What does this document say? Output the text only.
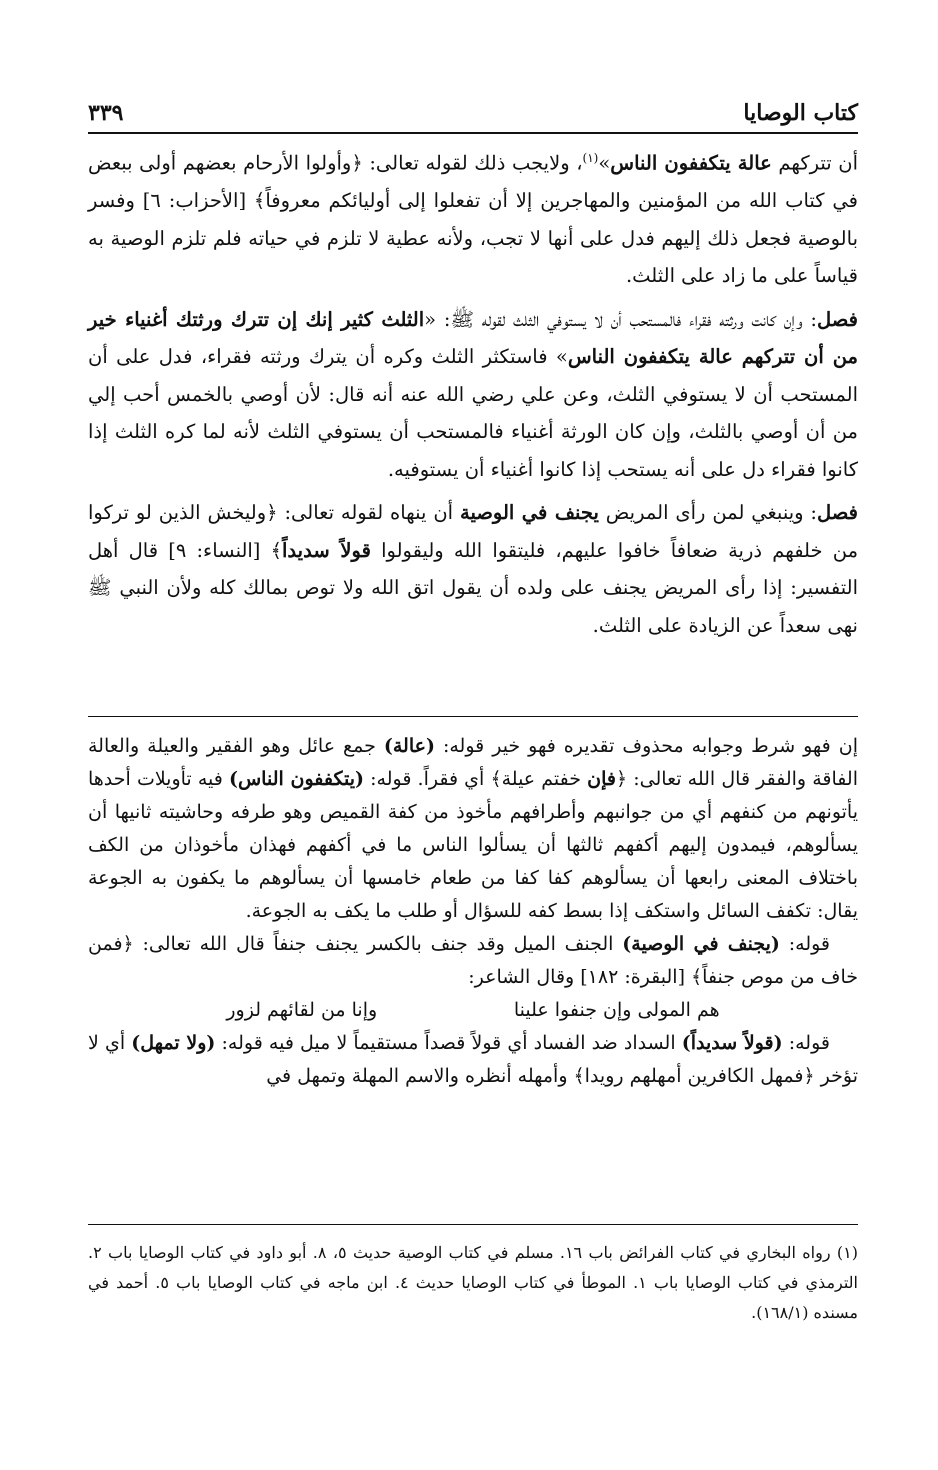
كتاب الوصايا
٣٣٩

أن تتركهم عالة يتكففون الناس»$^{(١)}$، ولايجب ذلك لقوله تعالى: ﴿وأولوا الأرحام بعضهم أولى ببعض في كتاب الله من المؤمنين والمهاجرين إلا أن تفعلوا إلى أوليائكم معروفاً﴾ [الأحزاب: ٦] وفسر بالوصية فجعل ذلك إليهم فدل على أنها لا تجب، ولأنه عطية لا تلزم في حياته فلم تلزم الوصية به قياساً على ما زاد على الثلث.

فصل: وإن كانت ورثته فقراء فالمستحب أن لا يستوفي الثلث لقوله ﷺ: «الثلث كثير إنك إن تترك ورثتك أغنياء خير من أن تتركهم عالة يتكففون الناس» فاستكثر الثلث وكره أن يترك ورثته فقراء، فدل على أن المستحب أن لا يستوفي الثلث، وعن علي رضي الله عنه أنه قال: لأن أوصي بالخمس أحب إلي من أن أوصي بالثلث، وإن كان الورثة أغنياء فالمستحب أن يستوفي الثلث لأنه لما كره الثلث إذا كانوا فقراء دل على أنه يستحب إذا كانوا أغنياء أن يستوفيه.

فصل: وينبغي لمن رأى المريض يجنف في الوصية أن ينهاه لقوله تعالى: ﴿وليخش الذين لو تركوا من خلفهم ذرية ضعافاً خافوا عليهم، فليتقوا الله وليقولوا قولاً سديداً﴾ [النساء: ٩] قال أهل التفسير: إذا رأى المريض يجنف على ولده أن يقول اتق الله ولا توص بمالك كله ولأن النبي ﷺ نهى سعداً عن الزيادة على الثلث.

إن فهو شرط وجوابه محذوف تقديره فهو خير قوله: (عالة) جمع عائل وهو الفقير والعيلة والعالة الفاقة والفقر قال الله تعالى: ﴿فإن خفتم عيلة﴾ أي فقراً. قوله: (يتكففون الناس) فيه تأويلات أحدها يأتونهم من كنفهم أي من جوانبهم وأطرافهم مأخوذ من كفة القميص وهو طرفه وحاشيته ثانيها أن يسألوهم، فيمدون إليهم أكفهم ثالثها أن يسألوا الناس ما في أكفهم فهذان مأخوذان من الكف باختلاف المعنى رابعها أن يسألوهم كفا كفا من طعام خامسها أن يسألوهم ما يكفون به الجوعة يقال: تكفف السائل واستكف إذا بسط كفه للسؤال أو طلب ما يكف به الجوعة.

قوله: (يجنف في الوصية) الجنف الميل وقد جنف بالكسر يجنف جنفاً قال الله تعالى: ﴿فمن خاف من موص جنفاً﴾ [البقرة: ١٨٢] وقال الشاعر:

هم المولى وإن جنفوا علينا
وإنا من لقائهم لزور

قوله: (قولاً سديداً) السداد ضد الفساد أي قولاً قصداً مستقيماً لا ميل فيه قوله: (ولا تمهل) أي لا تؤخر ﴿فمهل الكافرين أمهلهم رويدا﴾ وأمهله أنظره والاسم المهلة وتمهل في

(١) رواه البخاري في كتاب الفرائض باب ١٦. مسلم في كتاب الوصية حديث ٥، ٨. أبو داود في كتاب الوصايا باب ٢. الترمذي في كتاب الوصايا باب ١. الموطأ في كتاب الوصايا حديث ٤. ابن ماجه في كتاب الوصايا باب ٥. أحمد في مسنده (١٦٨/١).
